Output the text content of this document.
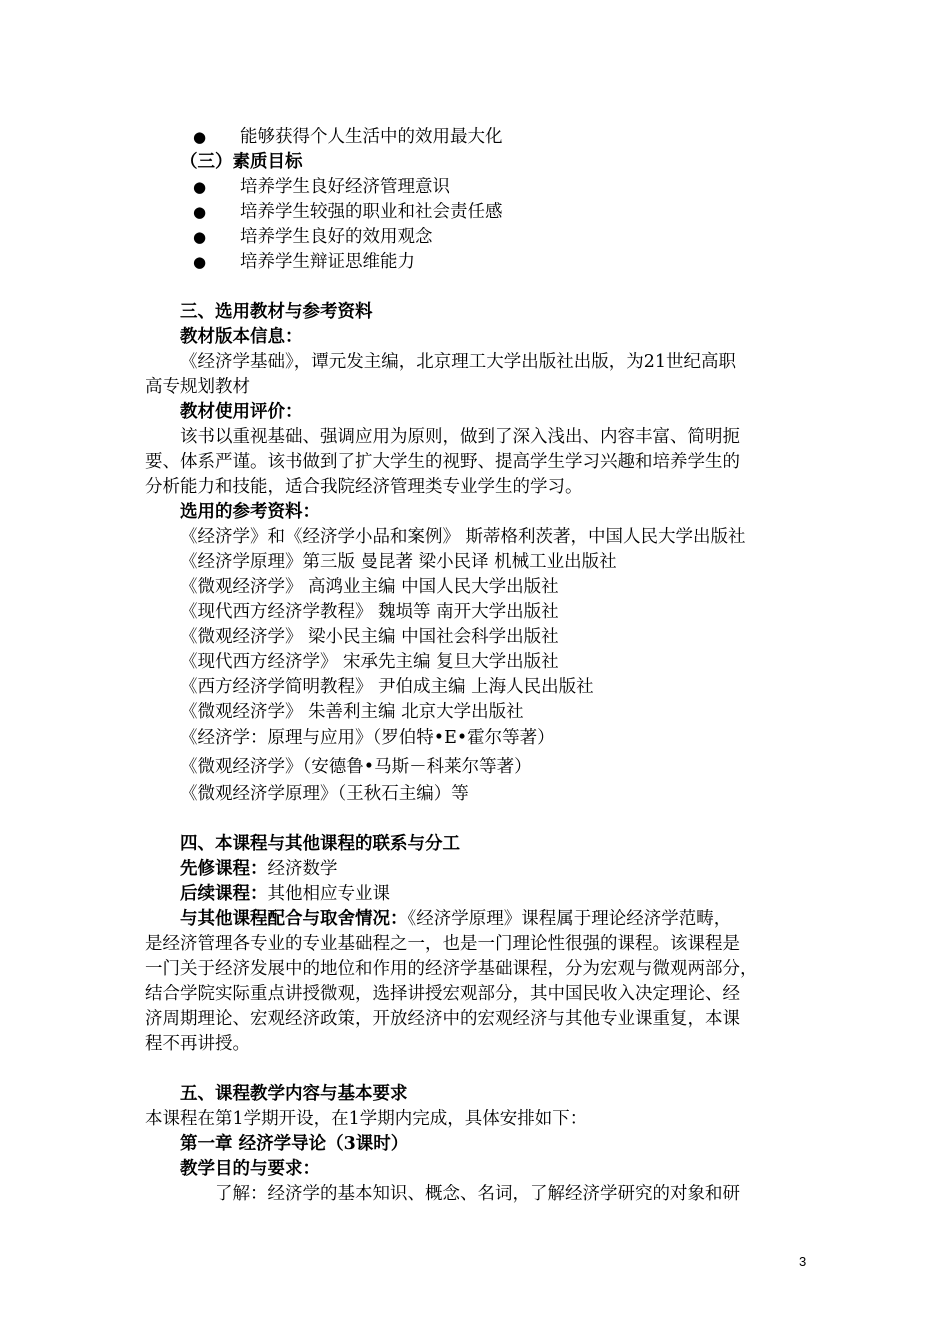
● 能够获得个人生活中的效用最大化
（三）素质目标
● 培养学生良好经济管理意识
● 培养学生较强的职业和社会责任感
● 培养学生良好的效用观念
● 培养学生辩证思维能力
三、选用教材与参考资料
教材版本信息：
《经济学基础》，谭元发主编，北京理工大学出版社出版，为21世纪高职
高专规划教材
教材使用评价：
该书以重视基础、强调应用为原则，做到了深入浅出、内容丰富、简明扼
要、体系严谨。该书做到了扩大学生的视野、提高学生学习兴趣和培养学生的
分析能力和技能，适合我院经济管理类专业学生的学习。
选用的参考资料：
《经济学》和《经济学小品和案例》 斯蒂格利茨著，中国人民大学出版社
《经济学原理》第三版 曼昆著 梁小民译 机械工业出版社
《微观经济学》 高鸿业主编 中国人民大学出版社
《现代西方经济学教程》 魏埙等 南开大学出版社
《微观经济学》 梁小民主编 中国社会科学出版社
《现代西方经济学》 宋承先主编 复旦大学出版社
《西方经济学简明教程》 尹伯成主编 上海人民出版社
《微观经济学》 朱善利主编 北京大学出版社
《经济学：原理与应用》（罗伯特•E•霍尔等著）
《微观经济学》（安德鲁•马斯－科莱尔等著）
《微观经济学原理》（王秋石主编）等
四、本课程与其他课程的联系与分工
先修课程：经济数学
后续课程：其他相应专业课
与其他课程配合与取舍情况：《经济学原理》课程属于理论经济学范畴，
是经济管理各专业的专业基础程之一，也是一门理论性很强的课程。该课程是
一门关于经济发展中的地位和作用的经济学基础课程，分为宏观与微观两部分，
结合学院实际重点讲授微观，选择讲授宏观部分，其中国民收入决定理论、经
济周期理论、宏观经济政策，开放经济中的宏观经济与其他专业课重复，本课
程不再讲授。
五、课程教学内容与基本要求
本课程在第1学期开设，在1学期内完成，具体安排如下：
第一章 经济学导论（3课时）
教学目的与要求：
了解：经济学的基本知识、概念、名词，了解经济学研究的对象和研
3
